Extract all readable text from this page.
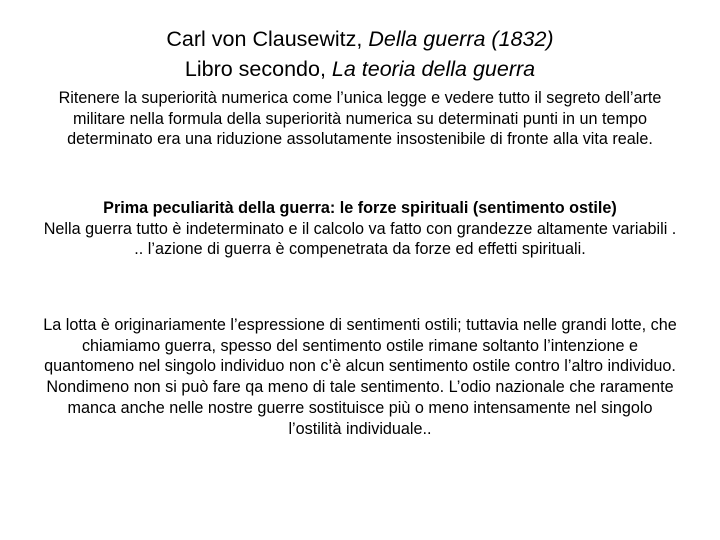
Carl von Clausewitz, Della guerra (1832)
Libro secondo, La teoria della guerra
Ritenere la superiorità numerica come l’unica legge e vedere tutto il segreto dell’arte militare nella formula della superiorità numerica su determinati punti in un tempo determinato era una riduzione assolutamente insostenibile di fronte alla vita reale.
Prima peculiarità della guerra: le forze spirituali (sentimento ostile)
Nella guerra tutto è indeterminato e il calcolo va fatto con grandezze altamente variabili . .. l’azione di guerra è compenetrata da forze ed effetti spirituali.
La lotta è originariamente l’espressione di sentimenti ostili; tuttavia nelle grandi lotte, che chiamiamo guerra, spesso del sentimento ostile rimane soltanto l’intenzione e quantomeno nel singolo individuo non c’è alcun sentimento ostile contro l’altro individuo. Nondimeno non si può fare qa meno di tale sentimento. L’odio nazionale che raramente manca anche nelle nostre guerre sostituisce più o meno intensamente nel singolo l’ostilità individuale..
